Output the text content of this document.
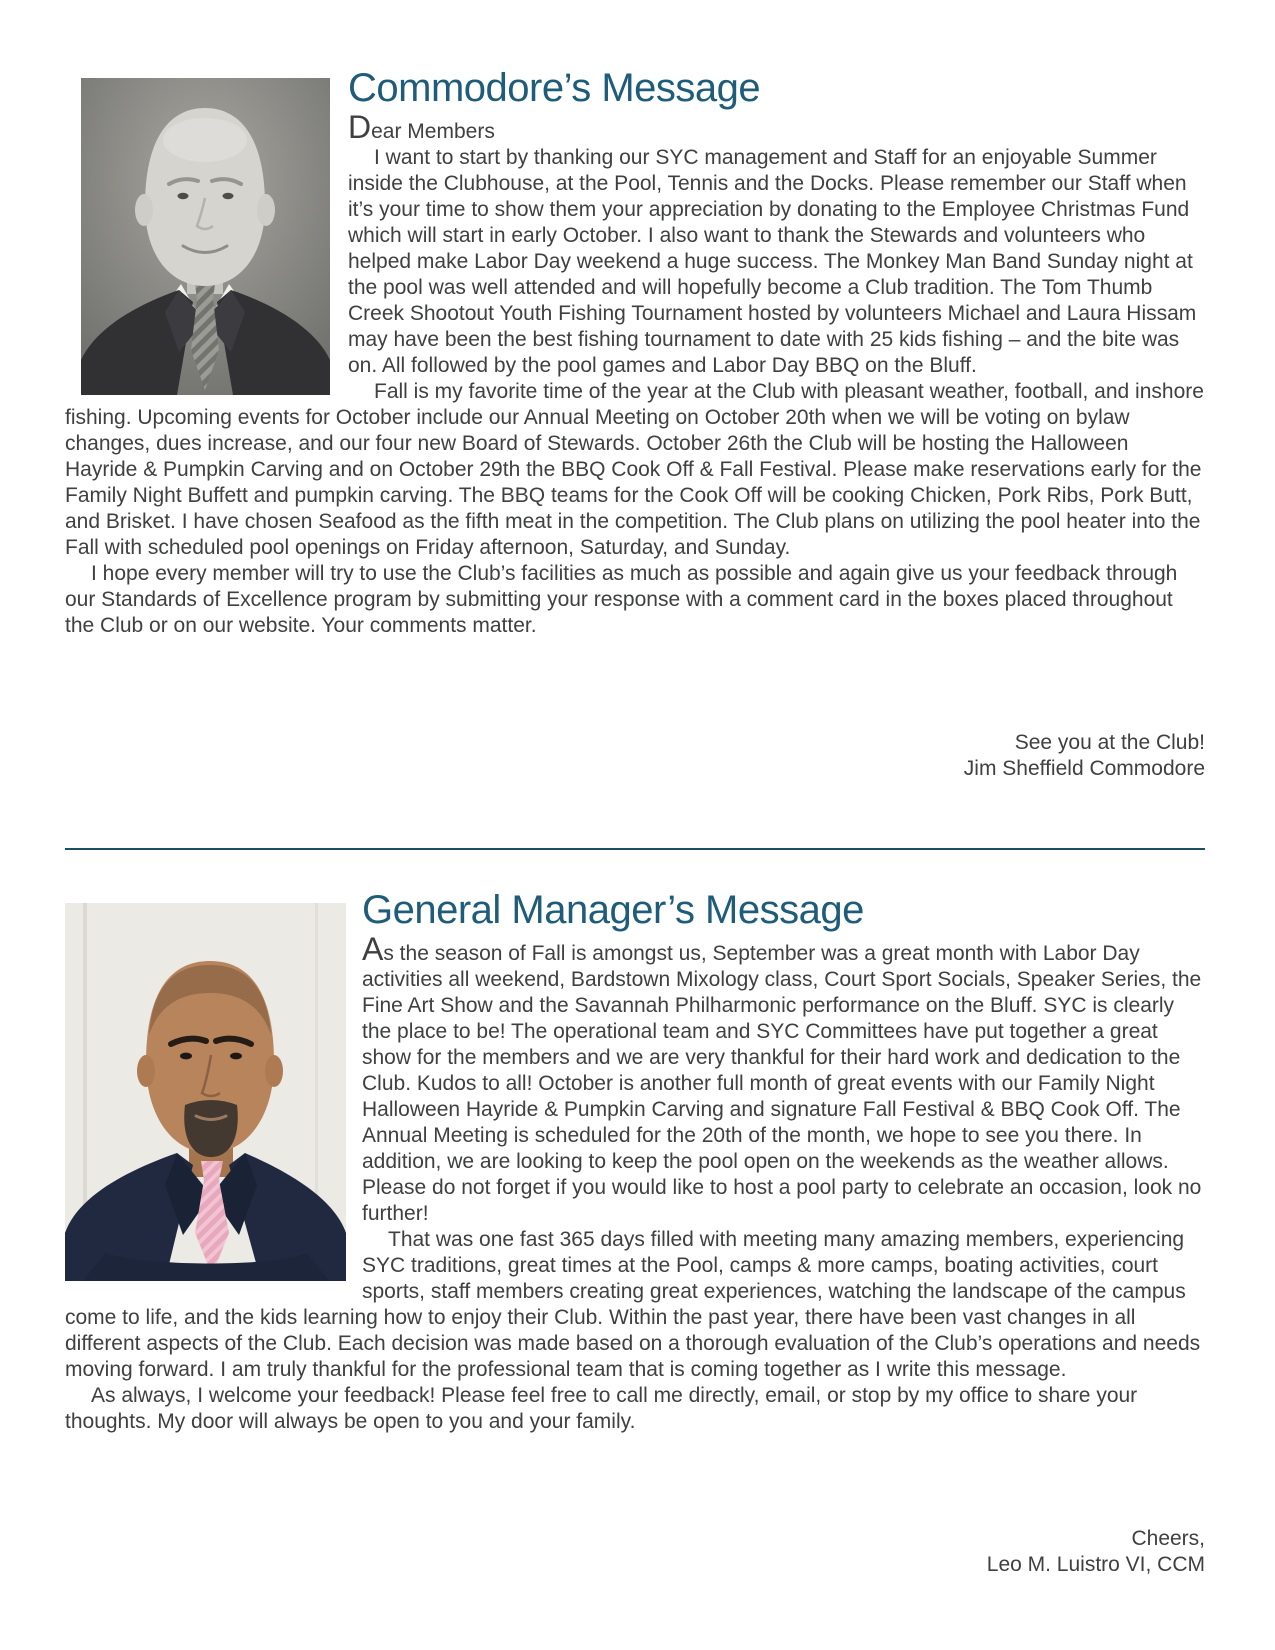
Commodore’s Message

Dear Members

I want to start by thanking our SYC management and Staff for an enjoyable Summer inside the Clubhouse, at the Pool, Tennis and the Docks. Please remember our Staff when it’s your time to show them your appreciation by donating to the Employee Christmas Fund which will start in early October. I also want to thank the Stewards and volunteers who helped make Labor Day weekend a huge success. The Monkey Man Band Sunday night at the pool was well attended and will hopefully become a Club tradition. The Tom Thumb Creek Shootout Youth Fishing Tournament hosted by volunteers Michael and Laura Hissam may have been the best fishing tournament to date with 25 kids fishing – and the bite was on. All followed by the pool games and Labor Day BBQ on the Bluff.

Fall is my favorite time of the year at the Club with pleasant weather, football, and inshore fishing. Upcoming events for October include our Annual Meeting on October 20th when we will be voting on bylaw changes, dues increase, and our four new Board of Stewards. October 26th the Club will be hosting the Halloween Hayride & Pumpkin Carving and on October 29th the BBQ Cook Off & Fall Festival. Please make reservations early for the Family Night Buffett and pumpkin carving. The BBQ teams for the Cook Off will be cooking Chicken, Pork Ribs, Pork Butt, and Brisket. I have chosen Seafood as the fifth meat in the competition. The Club plans on utilizing the pool heater into the Fall with scheduled pool openings on Friday afternoon, Saturday, and Sunday.

I hope every member will try to use the Club’s facilities as much as possible and again give us your feedback through our Standards of Excellence program by submitting your response with a comment card in the boxes placed throughout the Club or on our website. Your comments matter.

See you at the Club!

Jim Sheffield Commodore

General Manager’s Message

As the season of Fall is amongst us, September was a great month with Labor Day activities all weekend, Bardstown Mixology class, Court Sport Socials, Speaker Series, the Fine Art Show and the Savannah Philharmonic performance on the Bluff. SYC is clearly the place to be! The operational team and SYC Committees have put together a great show for the members and we are very thankful for their hard work and dedication to the Club. Kudos to all! October is another full month of great events with our Family Night Halloween Hayride & Pumpkin Carving and signature Fall Festival & BBQ Cook Off. The Annual Meeting is scheduled for the 20th of the month, we hope to see you there. In addition, we are looking to keep the pool open on the weekends as the weather allows. Please do not forget if you would like to host a pool party to celebrate an occasion, look no further!

That was one fast 365 days filled with meeting many amazing members, experiencing SYC traditions, great times at the Pool, camps & more camps, boating activities, court sports, staff members creating great experiences, watching the landscape of the campus come to life, and the kids learning how to enjoy their Club. Within the past year, there have been vast changes in all different aspects of the Club. Each decision was made based on a thorough evaluation of the Club’s operations and needs moving forward. I am truly thankful for the professional team that is coming together as I write this message.

As always, I welcome your feedback! Please feel free to call me directly, email, or stop by my office to share your thoughts. My door will always be open to you and your family.

Cheers,

Leo M. Luistro VI, CCM
